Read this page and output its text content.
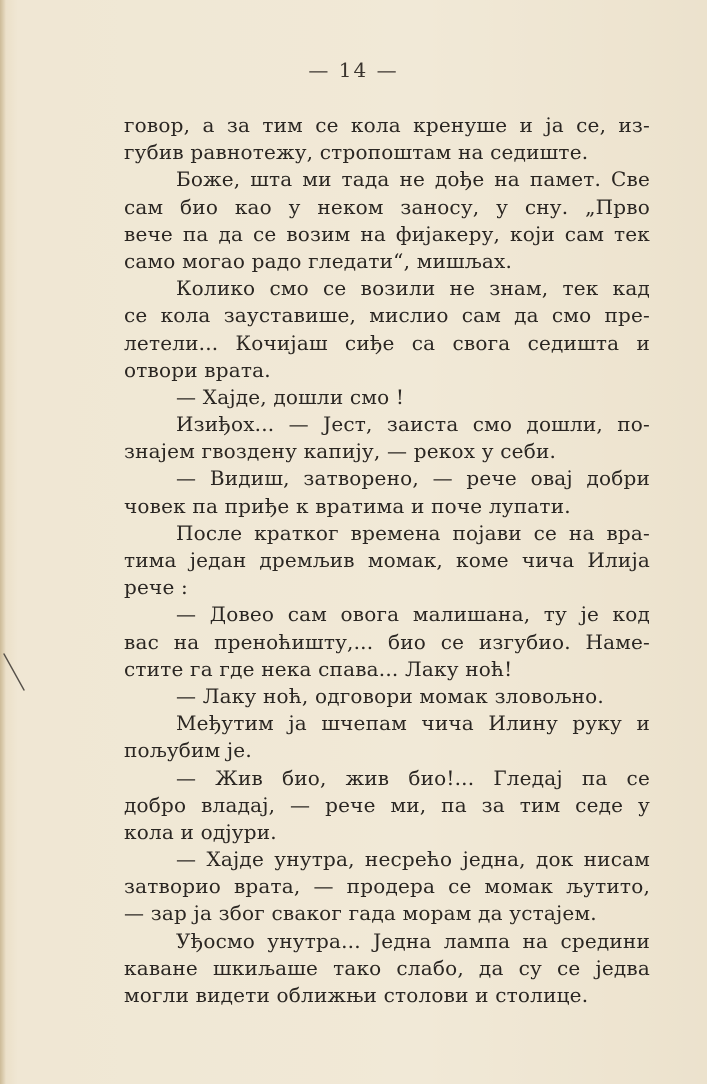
— 14 —
говор, а за тим се кола кренуше и ја се, из-
губив равнотежу, стропоштам на седиште.
Боже, шта ми тада не дође на памет. Све
сам био као у неком заносу, у сну. „Прво
вече па да се возим на фијакеру, који сам тек
само могао радо гледати“, мишљах.
Колико смо се возили не знам, тек кад
се кола зауставише, мислио сам да смо пре-
летели... Кочијаш сиђе са свога седишта и
отвори врата.
— Хајде, дошли смо !
Изиђох... — Јест, заиста смо дошли, по-
знајем гвоздену капију, — рекох у себи.
— Видиш, затворено, — рече овај добри
човек па приђе к вратима и поче лупати.
После кратког времена појави се на вра-
тима један дремљив момак, коме чича Илија
рече :
— Довео сам овога малишана, ту је код
вас на преноћишту,... био се изгубио. Наме-
стите га где нека спава... Лаку ноћ!
— Лаку ноћ, одговори момак зловољно.
Међутим ја шчепам чича Илину руку и
пољубим је.
— Жив био, жив био!... Гледај па се
добро владај, — рече ми, па за тим седе у
кола и одјури.
— Хајде унутра, несрећо једна, док нисам
затворио врата, — продера се момак љутито,
— зар ја због сваког гада морам да устајем.
Уђосмо унутра... Једна лампа на средини
каване шкиљаше тако слабо, да су се једва
могли видети оближњи столови и столице.
